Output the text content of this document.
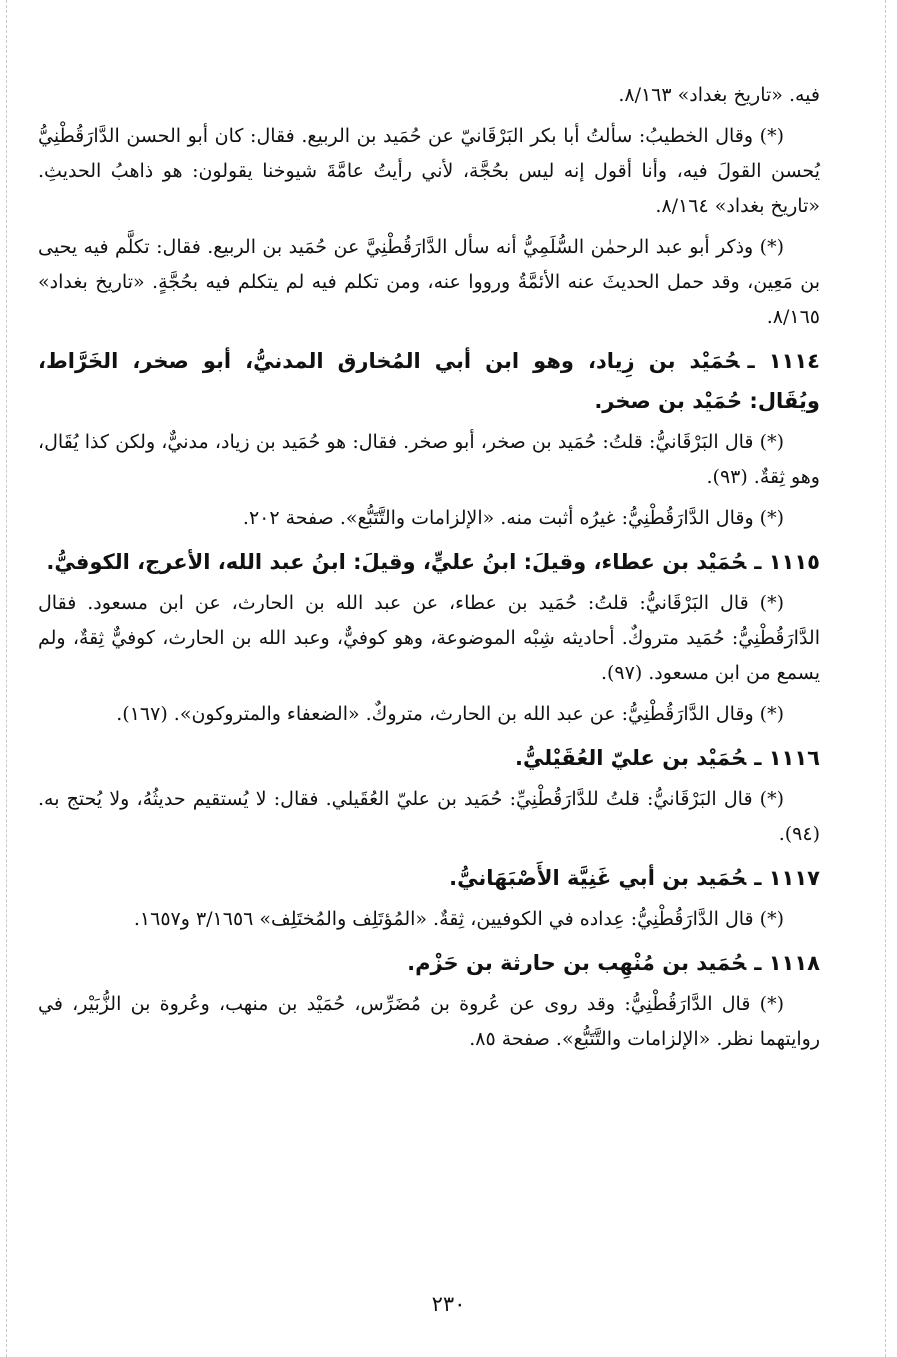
فيه. «تاريخ بغداد» ٨/١٦٣.

(*) وقال الخطيبُ: سألتُ أبا بكر البَرْقَانيّ عن حُمَيد بن الربيع. فقال: كان أبو الحسن الدَّارَقُطْنِيُّ يُحسن القولَ فيه، وأنا أقول إنه ليس بحُجَّة، لأني رأيتُ عامَّةَ شيوخنا يقولون: هو ذاهبُ الحديثِ. «تاريخ بغداد» ٨/١٦٤.

(*) وذكر أبو عبد الرحمٰن السُّلَمِيُّ أنه سأل الدَّارَقُطْنِيَّ عن حُمَيد بن الربيع. فقال: تكلَّم فيه يحيى بن مَعِين، وقد حمل الحديثَ عنه الأئمَّةُ ورووا عنه، ومن تكلم فيه لم يتكلم فيه بحُجَّةٍ. «تاريخ بغداد» ٨/١٦٥.

١١١٤ ـحُمَيْد بن زِياد، وهو ابن أبي المُخارق المدنيُّ، أبو صخر، الخَرَّاط، ويُقَال: حُمَيْد بن صخر.

(*) قال البَرْقَانيُّ: قلتُ: حُمَيد بن صخر، أبو صخر. فقال: هو حُمَيد بن زياد، مدنيٌّ، ولكن كذا يُقَال، وهو ثِقةٌ. (٩٣).

(*) وقال الدَّارَقُطْنِيُّ: غيرُه أثبت منه. «الإلزامات والتَّتَبُّع». صفحة ٢٠٢.

١١١٥ ـحُمَيْد بن عطاء، وقيلَ: ابنُ عليٍّ، وقيلَ: ابنُ عبد الله، الأعرج، الكوفيُّ.

(*) قال البَرْقَانيُّ: قلتُ: حُمَيد بن عطاء، عن عبد الله بن الحارث، عن ابن مسعود. فقال الدَّارَقُطْنِيُّ: حُمَيد متروكٌ. أحاديثه شِبْه الموضوعة، وهو كوفيٌّ، وعبد الله بن الحارث، كوفيٌّ ثِقةٌ، ولم يسمع من ابن مسعود. (٩٧).

(*) وقال الدَّارَقُطْنِيُّ: عن عبد الله بن الحارث، متروكٌ. «الضعفاء والمتروكون». (١٦٧).

١١١٦ ـحُمَيْد بن عليّ العُقَيْليُّ.

(*) قال البَرْقَانيُّ: قلتُ للدَّارَقُطْنِيِّ: حُمَيد بن عليّ العُقَيلي. فقال: لا يُستقيم حديثُهُ، ولا يُحتج به. (٩٤).

١١١٧ ـحُمَيد بن أبي غَنِيَّة الأَصْبَهَانيُّ.

(*) قال الدَّارَقُطْنِيُّ: عِداده في الكوفيين، ثِقةٌ. «المُؤتَلِف والمُختَلِف» ٣/١٦٥٦ و١٦٥٧.

١١١٨ ـحُمَيد بن مُنْهِب بن حارثة بن حَزْم.

(*) قال الدَّارَقُطْنِيُّ: وقد روى عن عُروة بن مُضَرِّس، حُمَيْد بن منهب، وعُروة بن الزُّبَيْر، في روايتهما نظر. «الإلزامات والتَّتَبُّع». صفحة ٨٥.

٢٣٠
